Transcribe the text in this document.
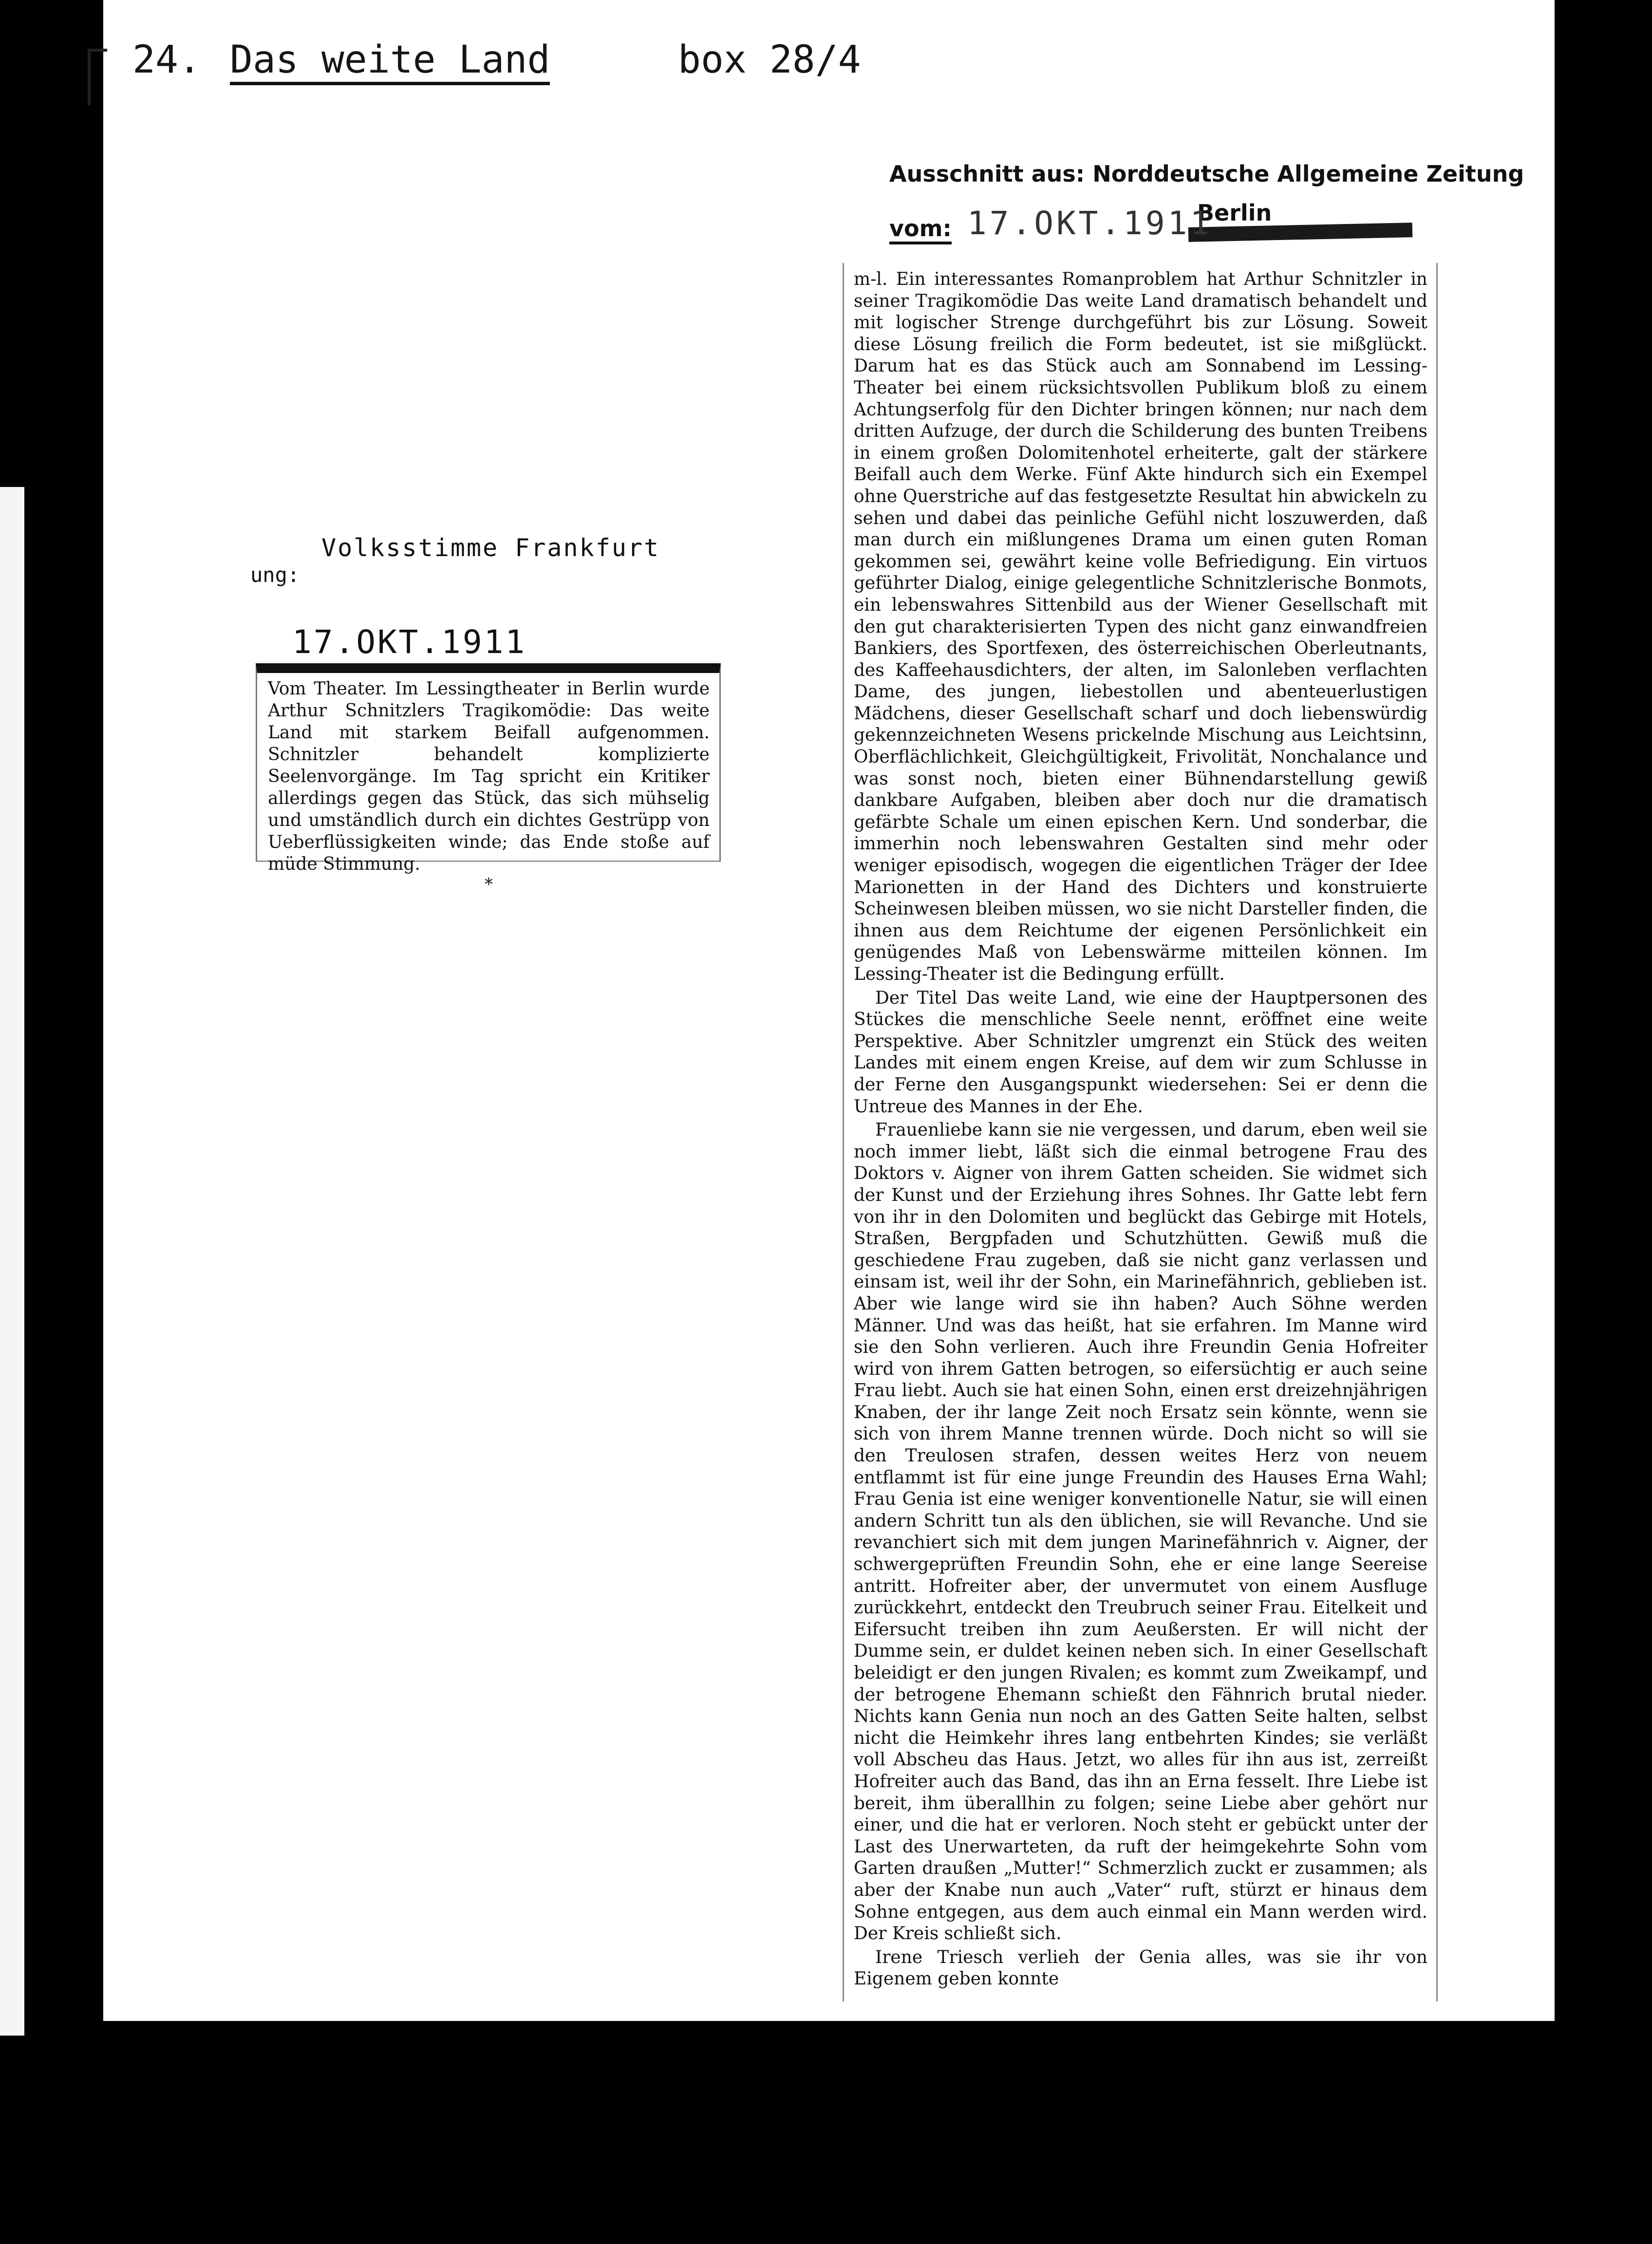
24. Das weite Land	box 28/4
Volksstimme Frankfurt
ung:
17.OKT.1911

Vom Theater. Im Lessingtheater in Berlin wurde Arthur Schnitzlers Tragikomödie: Das weite Land mit starkem Beifall aufgenommen. Schnitzler behandelt komplizierte Seelenvorgänge. Im Tag spricht ein Kritiker allerdings gegen das Stück, das sich mühselig und umständlich durch ein dichtes Gestrüpp von Ueberflüssigkeiten winde; das Ende stoße auf müde Stimmung.

*
Ausschnitt aus: Norddeutsche Allgemeine Zeitung
Berlin
vom: 17.OKT.1911

m-l. Ein interessantes Romanproblem hat Arthur Schnitzler in seiner Tragikomödie Das weite Land dramatisch behandelt und mit logischer Strenge durchgeführt bis zur Lösung. Soweit diese Lösung freilich die Form bedeutet, ist sie mißglückt. Darum hat es das Stück auch am Sonnabend im Lessing-Theater bei einem rücksichtsvollen Publikum bloß zu einem Achtungserfolg für den Dichter bringen können; nur nach dem dritten Aufzuge, der durch die Schilderung des bunten Treibens in einem großen Dolomitenhotel erheiterte, galt der stärkere Beifall auch dem Werke. Fünf Akte hindurch sich ein Exempel ohne Querstriche auf das festgesetzte Resultat hin abwickeln zu sehen und dabei das peinliche Gefühl nicht loszuwerden, daß man durch ein mißlungenes Drama um einen guten Roman gekommen sei, gewährt keine volle Befriedigung. Ein virtuos geführter Dialog, einige gelegentliche Schnitzlerische Bonmots, ein lebenswahres Sittenbild aus der Wiener Gesellschaft mit den gut charakterisierten Typen des nicht ganz einwandfreien Bankiers, des Sportfexen, des österreichischen Oberleutnants, des Kaffeehausdichters, der alten, im Salonleben verflachten Dame, des jungen, liebestollen und abenteuerlustigen Mädchens, dieser Gesellschaft scharf und doch liebenswürdig gekennzeichneten Wesens prickelnde Mischung aus Leichtsinn, Oberflächlichkeit, Gleichgültigkeit, Frivolität, Nonchalance und was sonst noch, bieten einer Bühnendarstellung gewiß dankbare Aufgaben, bleiben aber doch nur die dramatisch gefärbte Schale um einen epischen Kern. Und sonderbar, die immerhin noch lebenswahren Gestalten sind mehr oder weniger episodisch, wogegen die eigentlichen Träger der Idee Marionetten in der Hand des Dichters und konstruierte Scheinwesen bleiben müssen, wo sie nicht Darsteller finden, die ihnen aus dem Reichtume der eigenen Persönlichkeit ein genügendes Maß von Lebenswärme mitteilen können. Im Lessing-Theater ist die Bedingung erfüllt.

Der Titel Das weite Land, wie eine der Hauptpersonen des Stückes die menschliche Seele nennt, eröffnet eine weite Perspektive. Aber Schnitzler umgrenzt ein Stück des weiten Landes mit einem engen Kreise, auf dem wir zum Schlusse in der Ferne den Ausgangspunkt wiedersehen: Sei er denn die Untreue des Mannes in der Ehe.

Frauenliebe kann sie nie vergessen, und darum, eben weil sie noch immer liebt, läßt sich die einmal betrogene Frau des Doktors v. Aigner von ihrem Gatten scheiden. Sie widmet sich der Kunst und der Erziehung ihres Sohnes. Ihr Gatte lebt fern von ihr in den Dolomiten und beglückt das Gebirge mit Hotels, Straßen, Bergpfaden und Schutzhütten. Gewiß muß die geschiedene Frau zugeben, daß sie nicht ganz verlassen und einsam ist, weil ihr der Sohn, ein Marinefähnrich, geblieben ist. Aber wie lange wird sie ihn haben? Auch Söhne werden Männer. Und was das heißt, hat sie erfahren. Im Manne wird sie den Sohn verlieren. Auch ihre Freundin Genia Hofreiter wird von ihrem Gatten betrogen, so eifersüchtig er auch seine Frau liebt. Auch sie hat einen Sohn, einen erst dreizehnjährigen Knaben, der ihr lange Zeit noch Ersatz sein könnte, wenn sie sich von ihrem Manne trennen würde. Doch nicht so will sie den Treulosen strafen, dessen weites Herz von neuem entflammt ist für eine junge Freundin des Hauses Erna Wahl; Frau Genia ist eine weniger konventionelle Natur, sie will einen andern Schritt tun als den üblichen, sie will Revanche. Und sie revanchiert sich mit dem jungen Marinefähnrich v. Aigner, der schwergeprüften Freundin Sohn, ehe er eine lange Seereise antritt. Hofreiter aber, der unvermutet von einem Ausfluge zurückkehrt, entdeckt den Treubruch seiner Frau. Eitelkeit und Eifersucht treiben ihn zum Aeußersten. Er will nicht der Dumme sein, er duldet keinen neben sich. In einer Gesellschaft beleidigt er den jungen Rivalen; es kommt zum Zweikampf, und der betrogene Ehemann schießt den Fähnrich brutal nieder. Nichts kann Genia nun noch an des Gatten Seite halten, selbst nicht die Heimkehr ihres lang entbehrten Kindes; sie verläßt voll Abscheu das Haus. Jetzt, wo alles für ihn aus ist, zerreißt Hofreiter auch das Band, das ihn an Erna fesselt. Ihre Liebe ist bereit, ihm überallhin zu folgen; seine Liebe aber gehört nur einer, und die hat er verloren. Noch steht er gebückt unter der Last des Unerwarteten, da ruft der heimgekehrte Sohn vom Garten draußen „Mutter!“ Schmerzlich zuckt er zusammen; als aber der Knabe nun auch „Vater“ ruft, stürzt er hinaus dem Sohne entgegen, aus dem auch einmal ein Mann werden wird. Der Kreis schließt sich.

Irene Triesch verlieh der Genia alles, was sie ihr von Eigenem geben konnte
